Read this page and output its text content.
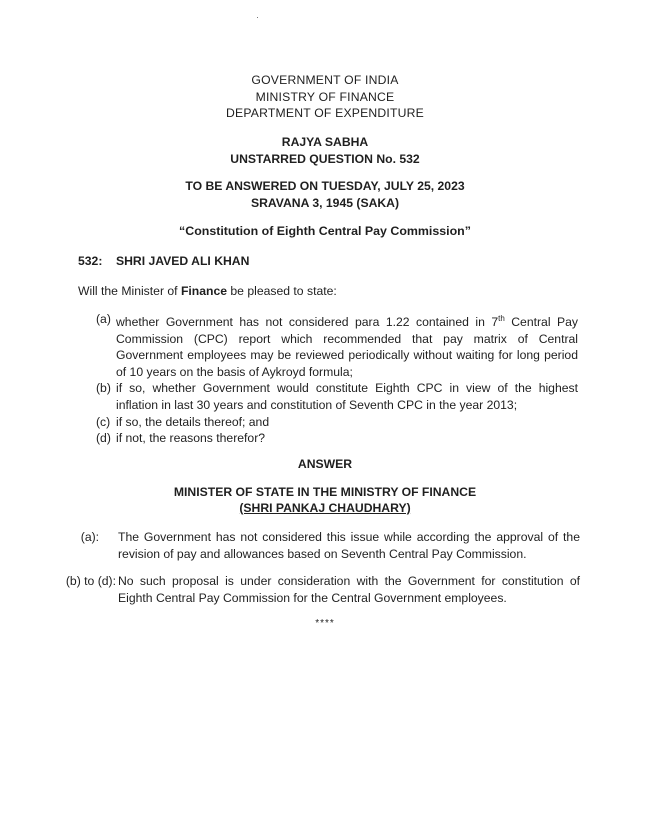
GOVERNMENT OF INDIA
MINISTRY OF FINANCE
DEPARTMENT OF EXPENDITURE
RAJYA SABHA
UNSTARRED QUESTION No. 532
TO BE ANSWERED ON TUESDAY, JULY 25, 2023
SRAVANA 3, 1945 (SAKA)
“Constitution of Eighth Central Pay Commission”
532: SHRI JAVED ALI KHAN
Will the Minister of Finance be pleased to state:
(a) whether Government has not considered para 1.22 contained in 7th Central Pay Commission (CPC) report which recommended that pay matrix of Central Government employees may be reviewed periodically without waiting for long period of 10 years on the basis of Aykroyd formula;
(b) if so, whether Government would constitute Eighth CPC in view of the highest inflation in last 30 years and constitution of Seventh CPC in the year 2013;
(c) if so, the details thereof; and
(d) if not, the reasons therefor?
ANSWER
MINISTER OF STATE IN THE MINISTRY OF FINANCE
(SHRI PANKAJ CHAUDHARY)
(a):	The Government has not considered this issue while according the approval of the revision of pay and allowances based on Seventh Central Pay Commission.
(b) to (d): No such proposal is under consideration with the Government for constitution of Eighth Central Pay Commission for the Central Government employees.
****
